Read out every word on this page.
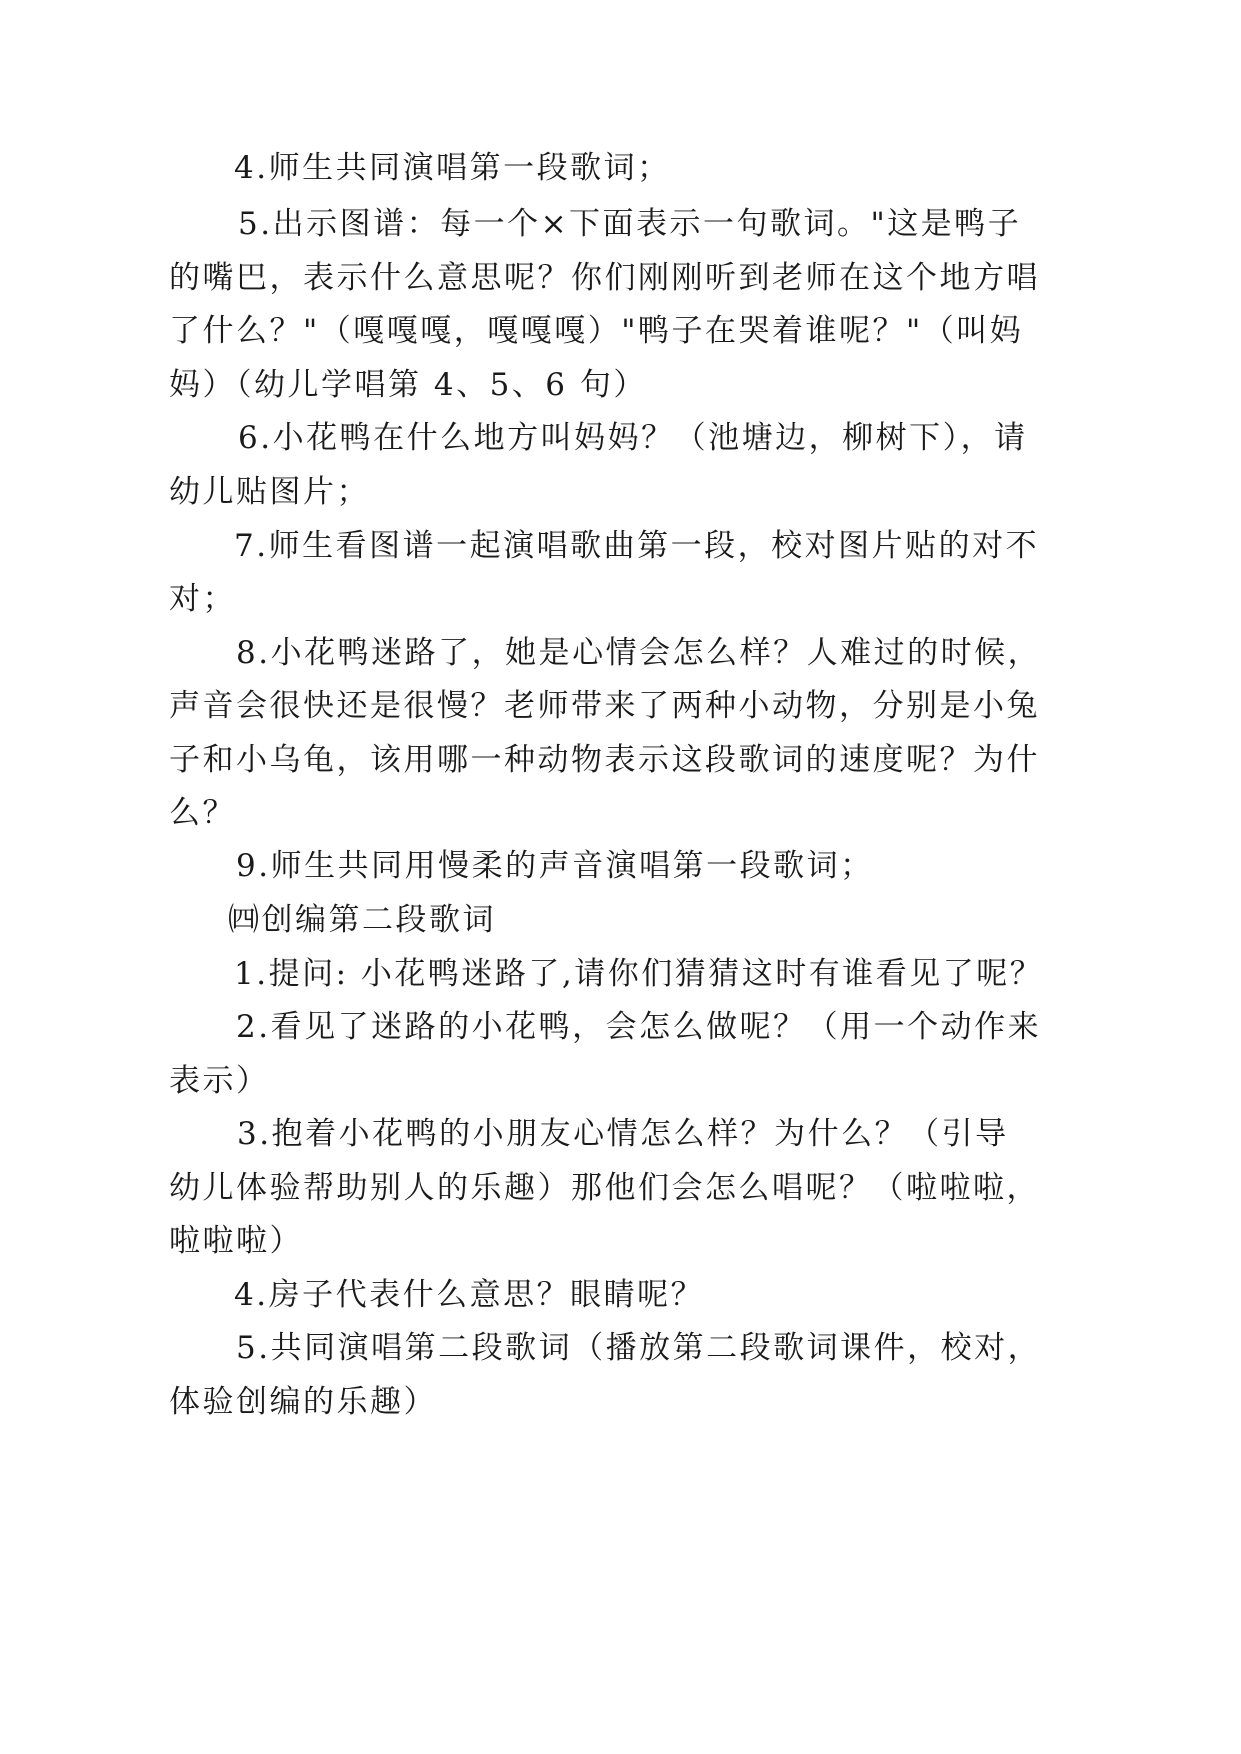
4.师生共同演唱第一段歌词；
5.出示图谱：每一个×下面表示一句歌词。"这是鸭子
的嘴巴，表示什么意思呢？你们刚刚听到老师在这个地方唱
了什么？"（嘎嘎嘎，嘎嘎嘎）"鸭子在哭着谁呢？"（叫妈
妈）（幼儿学唱第 4、5、6 句）
6.小花鸭在什么地方叫妈妈？（池塘边，柳树下），请
幼儿贴图片；
7.师生看图谱一起演唱歌曲第一段，校对图片贴的对不
对；
8.小花鸭迷路了，她是心情会怎么样？人难过的时候，
声音会很快还是很慢？老师带来了两种小动物，分别是小兔
子和小乌龟，该用哪一种动物表示这段歌词的速度呢？为什
么？
9.师生共同用慢柔的声音演唱第一段歌词；
㈣创编第二段歌词
1.提问: 小花鸭迷路了,请你们猜猜这时有谁看见了呢？
2.看见了迷路的小花鸭，会怎么做呢？（用一个动作来
表示）
3.抱着小花鸭的小朋友心情怎么样？为什么？（引导
幼儿体验帮助别人的乐趣）那他们会怎么唱呢？（啦啦啦，
啦啦啦）
4.房子代表什么意思？眼睛呢？
5.共同演唱第二段歌词（播放第二段歌词课件，校对，
体验创编的乐趣）
